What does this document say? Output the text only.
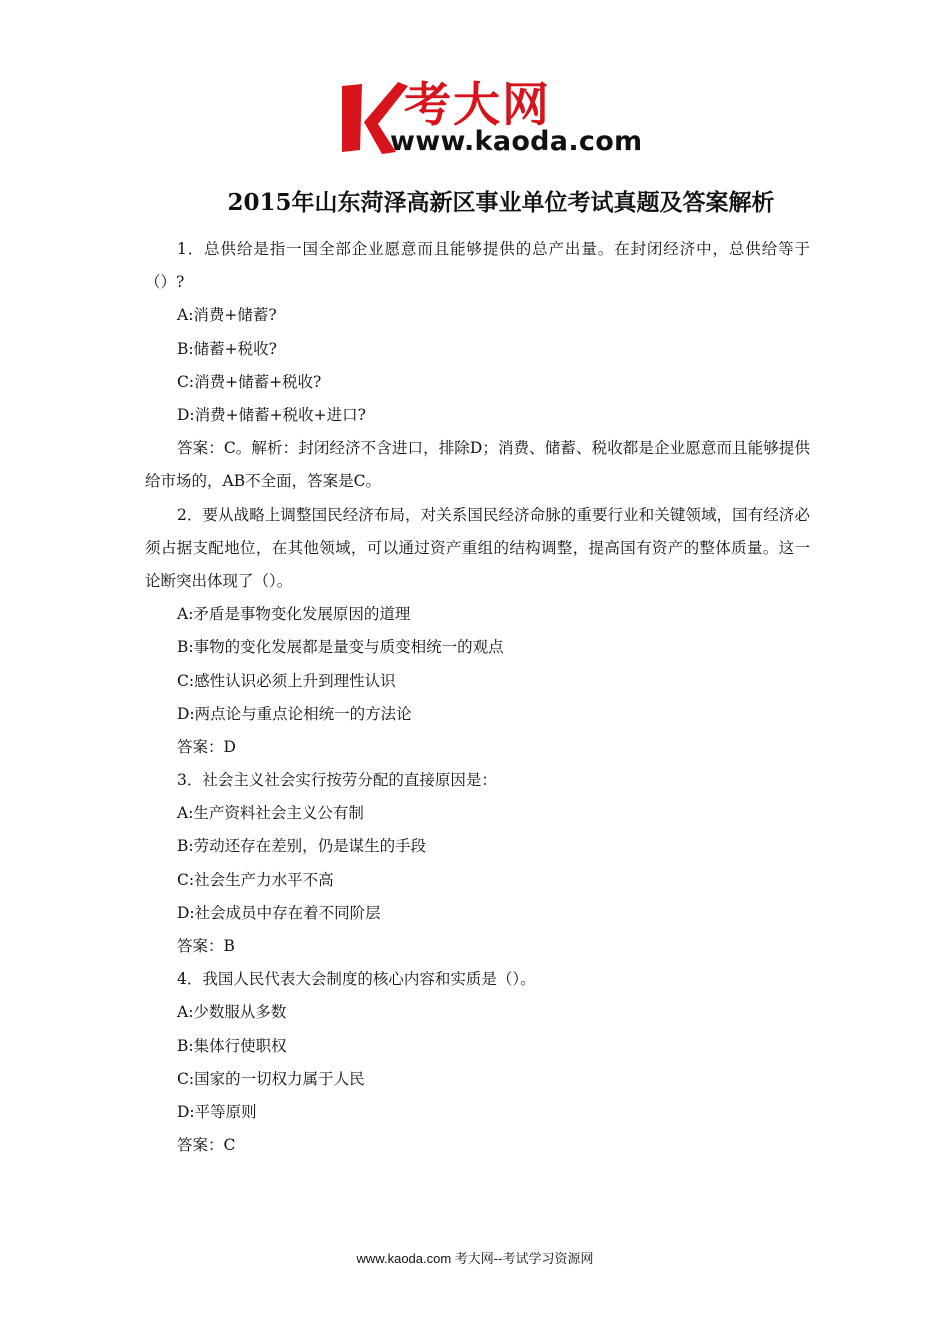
考大网
www.kaoda.com
2015年山东菏泽高新区事业单位考试真题及答案解析
1．总供给是指一国全部企业愿意而且能够提供的总产出量。在封闭经济中，总供给等于（）?
A:消费+储蓄?
B:储蓄+税收?
C:消费+储蓄+税收?
D:消费+储蓄+税收+进口?
答案：C。解析：封闭经济不含进口，排除D；消费、储蓄、税收都是企业愿意而且能够提供给市场的，AB不全面，答案是C。
2．要从战略上调整国民经济布局，对关系国民经济命脉的重要行业和关键领域，国有经济必须占据支配地位，在其他领域，可以通过资产重组的结构调整，提高国有资产的整体质量。这一论断突出体现了（）。
A:矛盾是事物变化发展原因的道理
B:事物的变化发展都是量变与质变相统一的观点
C:感性认识必须上升到理性认识
D:两点论与重点论相统一的方法论
答案：D
3．社会主义社会实行按劳分配的直接原因是：
A:生产资料社会主义公有制
B:劳动还存在差别，仍是谋生的手段
C:社会生产力水平不高
D:社会成员中存在着不同阶层
答案：B
4．我国人民代表大会制度的核心内容和实质是（）。
A:少数服从多数
B:集体行使职权
C:国家的一切权力属于人民
D:平等原则
答案：C
www.kaoda.com 考大网--考试学习资源网
